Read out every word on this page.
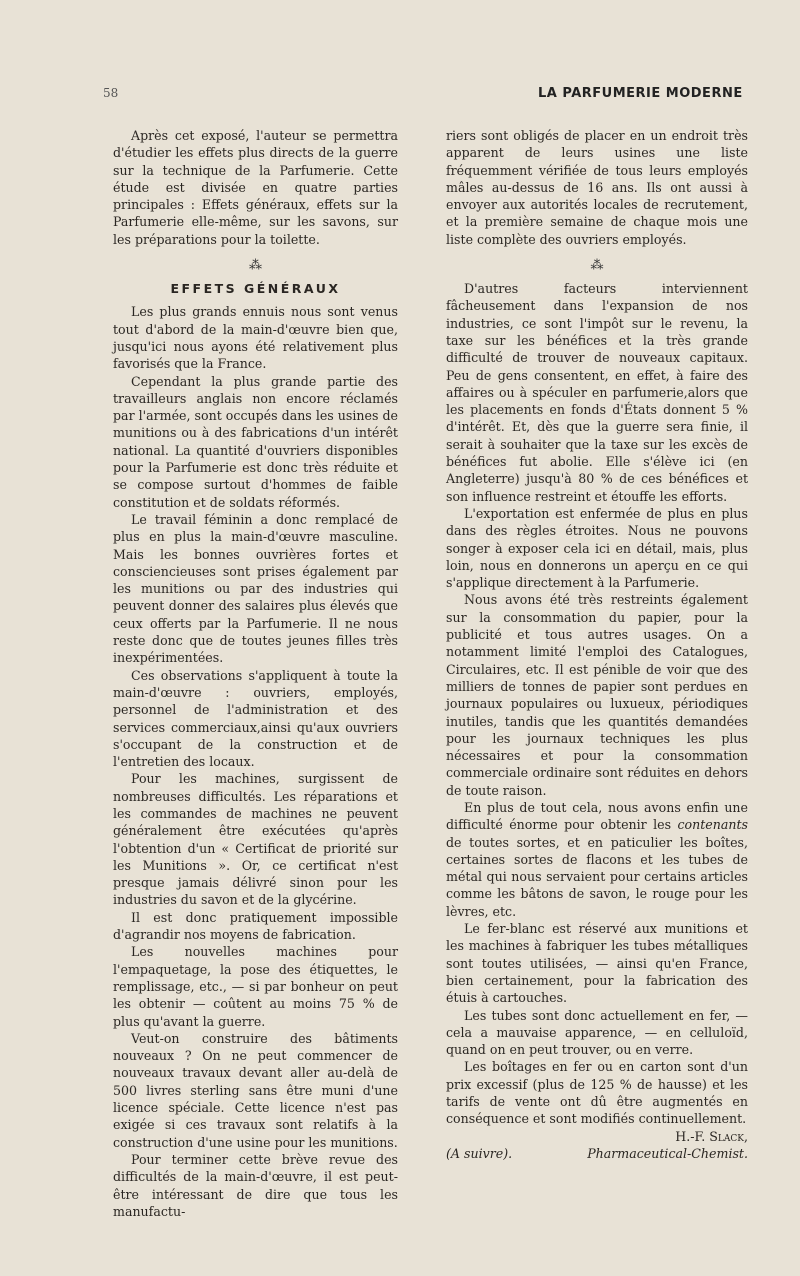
58	LA PARFUMERIE MODERNE

Après cet exposé, l'auteur se permettra d'étudier les effets plus directs de la guerre sur la technique de la Parfumerie. Cette étude est divisée en quatre parties principales : Effets généraux, effets sur la Parfumerie elle-même, sur les savons, sur les préparations pour la toilette.

⁂
EFFETS GÉNÉRAUX

Les plus grands ennuis nous sont venus tout d'abord de la main-d'œuvre bien que, jusqu'ici nous ayons été relativement plus favorisés que la France.

Cependant la plus grande partie des travailleurs anglais non encore réclamés par l'armée, sont occupés dans les usines de munitions ou à des fabrications d'un intérêt national. La quantité d'ouvriers disponibles pour la Parfumerie est donc très réduite et se compose surtout d'hommes de faible constitution et de soldats réformés.

Le travail féminin a donc remplacé de plus en plus la main-d'œuvre masculine. Mais les bonnes ouvrières fortes et consciencieuses sont prises également par les munitions ou par des industries qui peuvent donner des salaires plus élevés que ceux offerts par la Parfumerie. Il ne nous reste donc que de toutes jeunes filles très inexpérimentées.

Ces observations s'appliquent à toute la main-d'œuvre : ouvriers, employés, personnel de l'administration et des services commerciaux,ainsi qu'aux ouvriers s'occupant de la construction et de l'entretien des locaux.

Pour les machines, surgissent de nombreuses difficultés. Les réparations et les commandes de machines ne peuvent généralement être exécutées qu'après l'obtention d'un « Certificat de priorité sur les Munitions ». Or, ce certificat n'est presque jamais délivré sinon pour les industries du savon et de la glycérine.

Il est donc pratiquement impossible d'agrandir nos moyens de fabrication.

Les nouvelles machines pour l'empaquetage, la pose des étiquettes, le remplissage, etc., — si par bonheur on peut les obtenir — coûtent au moins 75 % de plus qu'avant la guerre.

Veut-on construire des bâtiments nouveaux ? On ne peut commencer de nouveaux travaux devant aller au-delà de 500 livres sterling sans être muni d'une licence spéciale. Cette licence n'est pas exigée si ces travaux sont relatifs à la construction d'une usine pour les munitions.

Pour terminer cette brève revue des difficultés de la main-d'œuvre, il est peut-être intéressant de dire que tous les manufactu-

riers sont obligés de placer en un endroit très apparent de leurs usines une liste fréquemment vérifiée de tous leurs employés mâles au-dessus de 16 ans. Ils ont aussi à envoyer aux autorités locales de recrutement, et la première semaine de chaque mois une liste complète des ouvriers employés.

⁂

D'autres facteurs interviennent fâcheusement dans l'expansion de nos industries, ce sont l'impôt sur le revenu, la taxe sur les bénéfices et la très grande difficulté de trouver de nouveaux capitaux. Peu de gens consentent, en effet, à faire des affaires ou à spéculer en parfumerie,alors que les placements en fonds d'États donnent 5 % d'intérêt. Et, dès que la guerre sera finie, il serait à souhaiter que la taxe sur les excès de bénéfices fut abolie. Elle s'élève ici (en Angleterre) jusqu'à 80 % de ces bénéfices et son influence restreint et étouffe les efforts.

L'exportation est enfermée de plus en plus dans des règles étroites. Nous ne pouvons songer à exposer cela ici en détail, mais, plus loin, nous en donnerons un aperçu en ce qui s'applique directement à la Parfumerie.

Nous avons été très restreints également sur la consommation du papier, pour la publicité et tous autres usages. On a notamment limité l'emploi des Catalogues, Circulaires, etc. Il est pénible de voir que des milliers de tonnes de papier sont perdues en journaux populaires ou luxueux, périodiques inutiles, tandis que les quantités demandées pour les journaux techniques les plus nécessaires et pour la consommation commerciale ordinaire sont réduites en dehors de toute raison.

En plus de tout cela, nous avons enfin une difficulté énorme pour obtenir les contenants de toutes sortes, et en paticulier les boîtes, certaines sortes de flacons et les tubes de métal qui nous servaient pour certains articles comme les bâtons de savon, le rouge pour les lèvres, etc.

Le fer-blanc est réservé aux munitions et les machines à fabriquer les tubes métalliques sont toutes utilisées, — ainsi qu'en France, bien certainement, pour la fabrication des étuis à cartouches.

Les tubes sont donc actuellement en fer, — cela a mauvaise apparence, — en celluloïd, quand on en peut trouver, ou en verre.

Les boîtages en fer ou en carton sont d'un prix excessif (plus de 125 % de hausse) et les tarifs de vente ont dû être augmentés en conséquence et sont modifiés continuellement.

H.-F. Slack,
(A suivre).	Pharmaceutical-Chemist.
